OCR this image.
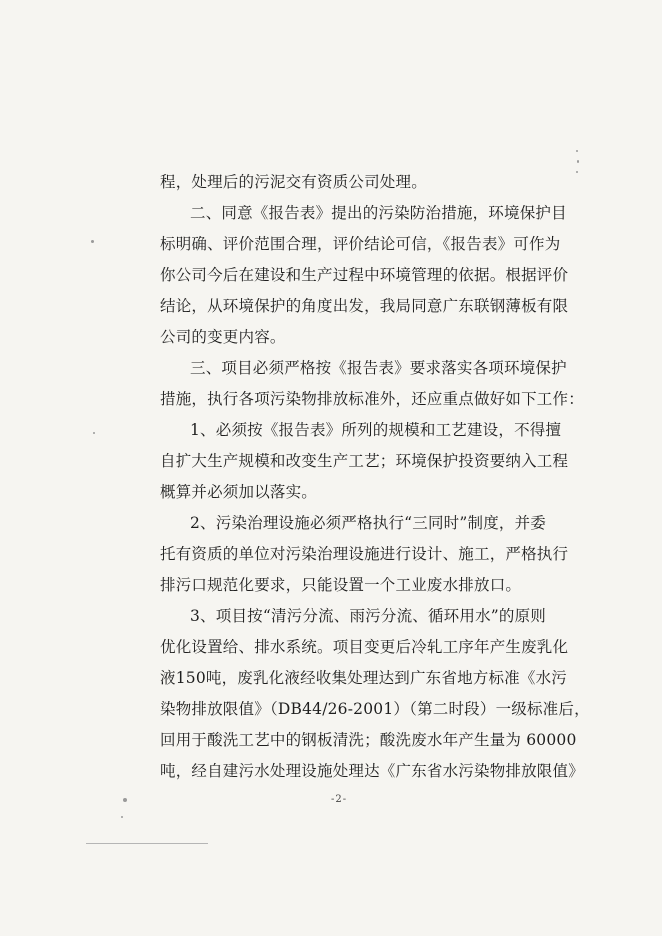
程，处理后的污泥交有资质公司处理。
二、同意《报告表》提出的污染防治措施，环境保护目
标明确、评价范围合理，评价结论可信，《报告表》可作为
你公司今后在建设和生产过程中环境管理的依据。根据评价
结论，从环境保护的角度出发，我局同意广东联钢薄板有限
公司的变更内容。
三、项目必须严格按《报告表》要求落实各项环境保护
措施，执行各项污染物排放标准外，还应重点做好如下工作：
1、必须按《报告表》所列的规模和工艺建设，不得擅
自扩大生产规模和改变生产工艺；环境保护投资要纳入工程
概算并必须加以落实。
2、污染治理设施必须严格执行“三同时”制度，并委
托有资质的单位对污染治理设施进行设计、施工，严格执行
排污口规范化要求，只能设置一个工业废水排放口。
3、项目按“清污分流、雨污分流、循环用水”的原则
优化设置给、排水系统。项目变更后冷轧工序年产生废乳化
液150吨，废乳化液经收集处理达到广东省地方标准《水污
染物排放限值》（DB44/26-2001）（第二时段）一级标准后，
回用于酸洗工艺中的钢板清洗；酸洗废水年产生量为 60000
吨，经自建污水处理设施处理达《广东省水污染物排放限值》
-2-
